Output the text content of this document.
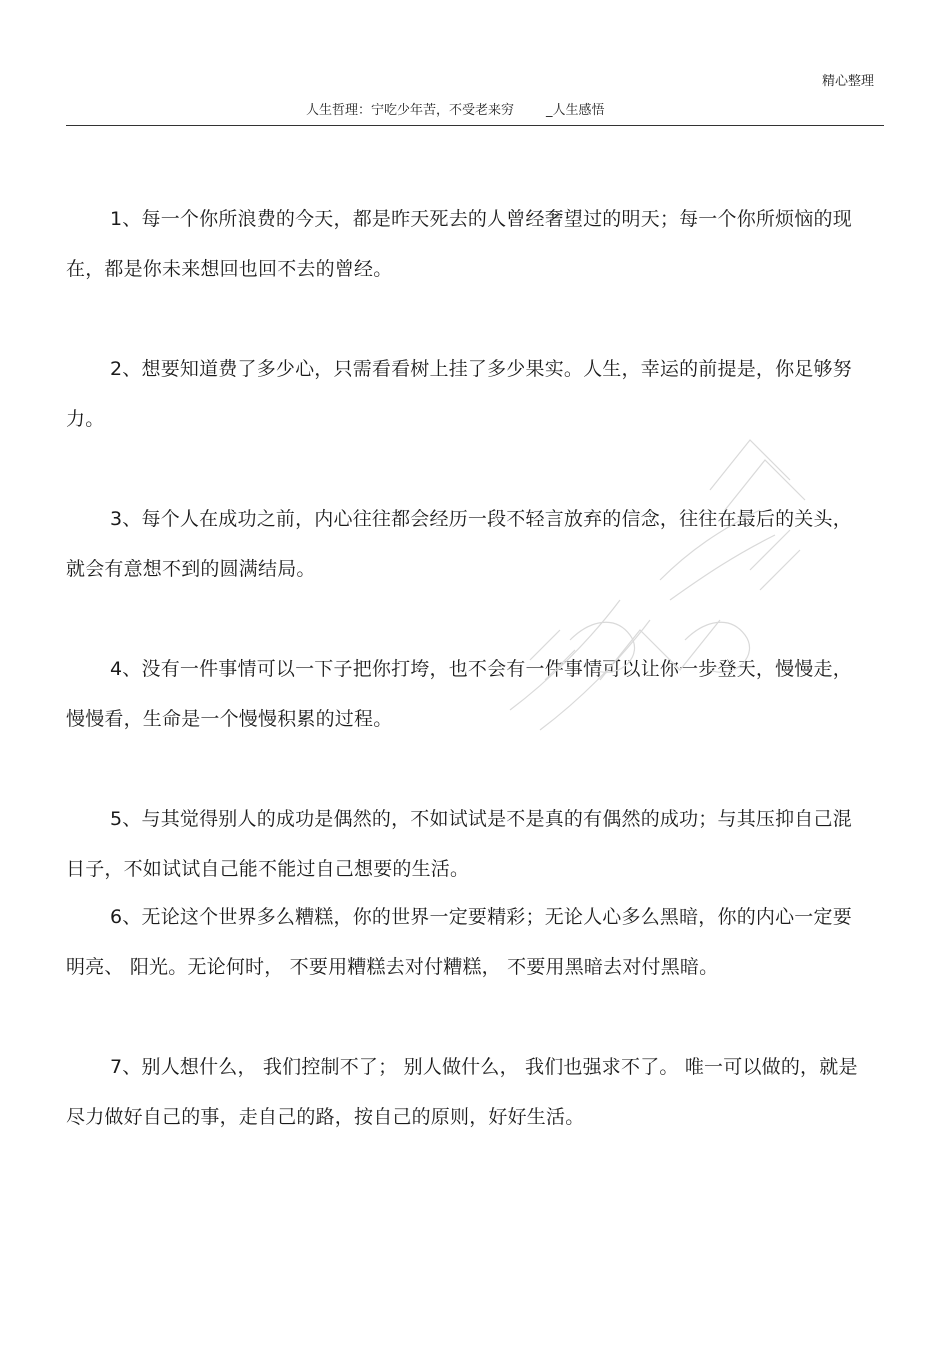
精心整理
人生哲理：宁吃少年苦，不受老来穷 _人生感悟

1、每一个你所浪费的今天，都是昨天死去的人曾经奢望过的明天；每一个你所烦恼的现在，都是你未来想回也回不去的曾经。

2、想要知道费了多少心，只需看看树上挂了多少果实。人生，幸运的前提是，你足够努力。

3、每个人在成功之前，内心往往都会经历一段不轻言放弃的信念，往往在最后的关头，就会有意想不到的圆满结局。

4、没有一件事情可以一下子把你打垮，也不会有一件事情可以让你一步登天，慢慢走，慢慢看，生命是一个慢慢积累的过程。

5、与其觉得别人的成功是偶然的，不如试试是不是真的有偶然的成功；与其压抑自己混日子，不如试试自己能不能过自己想要的生活。

6、无论这个世界多么糟糕，你的世界一定要精彩；无论人心多么黑暗，你的内心一定要明亮、 阳光。无论何时， 不要用糟糕去对付糟糕， 不要用黑暗去对付黑暗。

7、别人想什么， 我们控制不了； 别人做什么， 我们也强求不了。 唯一可以做的，就是尽力做好自己的事，走自己的路，按自己的原则，好好生活。
